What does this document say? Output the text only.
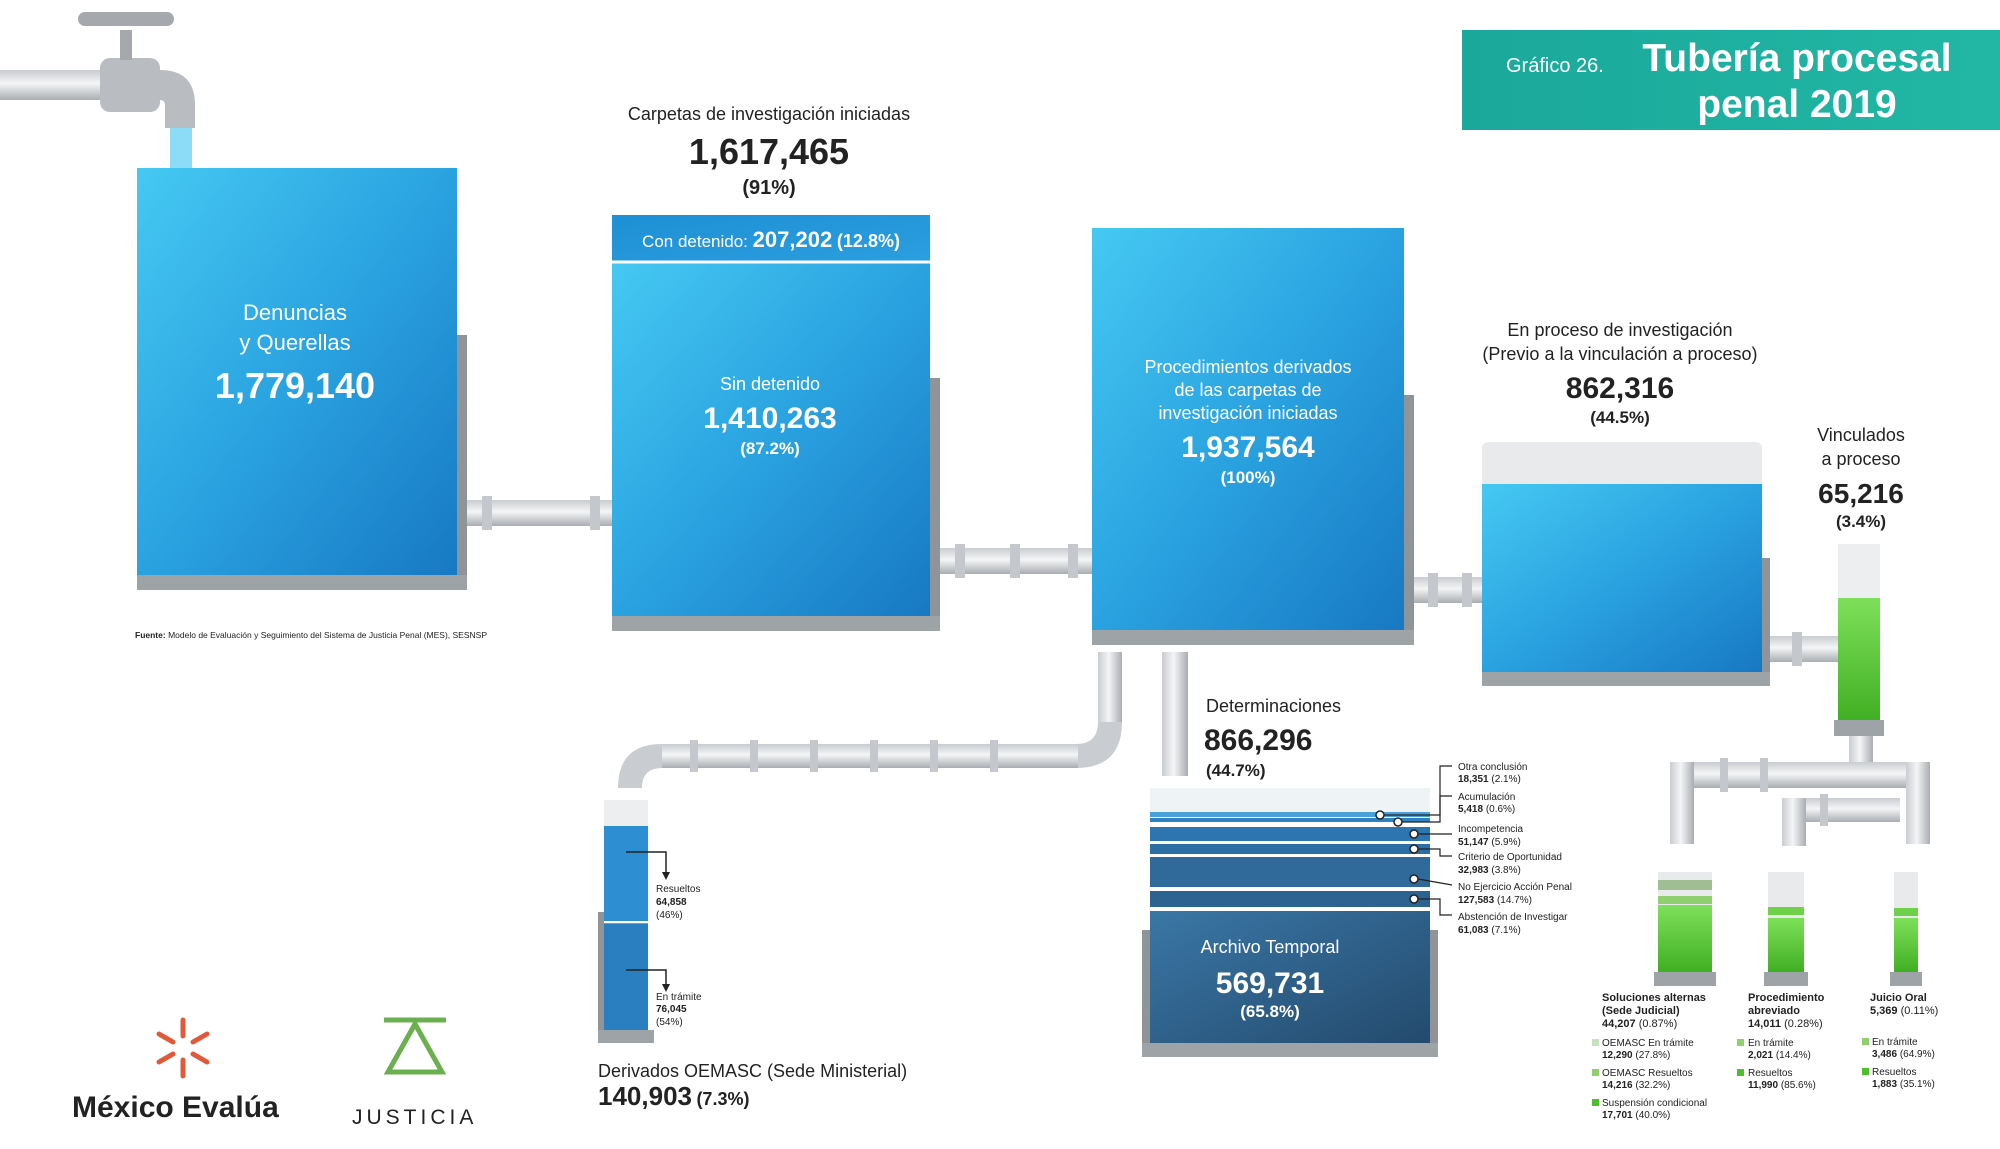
Denuncias
y Querellas
1,779,140
Fuente: Modelo de Evaluación y Seguimiento del Sistema de Justicia Penal (MES), SESNSP
Carpetas de investigación iniciadas
1,617,465
(91%)
Con detenido: 207,202 (12.8%)
Sin detenido
1,410,263
(87.2%)
Procedimientos derivados
de las carpetas de
investigación iniciadas
1,937,564
(100%)
En proceso de investigación
(Previo a la vinculación a proceso)
862,316
(44.5%)
Vinculados
a proceso
65,216
(3.4%)
Determinaciones
866,296
(44.7%)
Archivo Temporal
569,731
(65.8%)
Otra conclusión
18,351 (2.1%)
Acumulación
5,418 (0.6%)
Incompetencia
51,147 (5.9%)
Criterio de Oportunidad
32,983 (3.8%)
No Ejercicio Acción Penal
127,583 (14.7%)
Abstención de Investigar
61,083 (7.1%)
Resueltos
64,858
(46%)
En trámite
76,045
(54%)
Derivados OEMASC (Sede Ministerial)
140,903 (7.3%)
Soluciones alternas
(Sede Judicial)
44,207 (0.87%)
OEMASC En trámite
12,290 (27.8%)
OEMASC Resueltos
14,216 (32.2%)
Suspensión condicional
17,701 (40.0%)
Procedimiento
abreviado
14,011 (0.28%)
En trámite
2,021 (14.4%)
Resueltos
11,990 (85.6%)
Juicio Oral
5,369 (0.11%)
En trámite
3,486 (64.9%)
Resueltos
1,883 (35.1%)
México Evalúa	JUSTICIA
Gráfico 26. Tubería procesal
penal 2019
